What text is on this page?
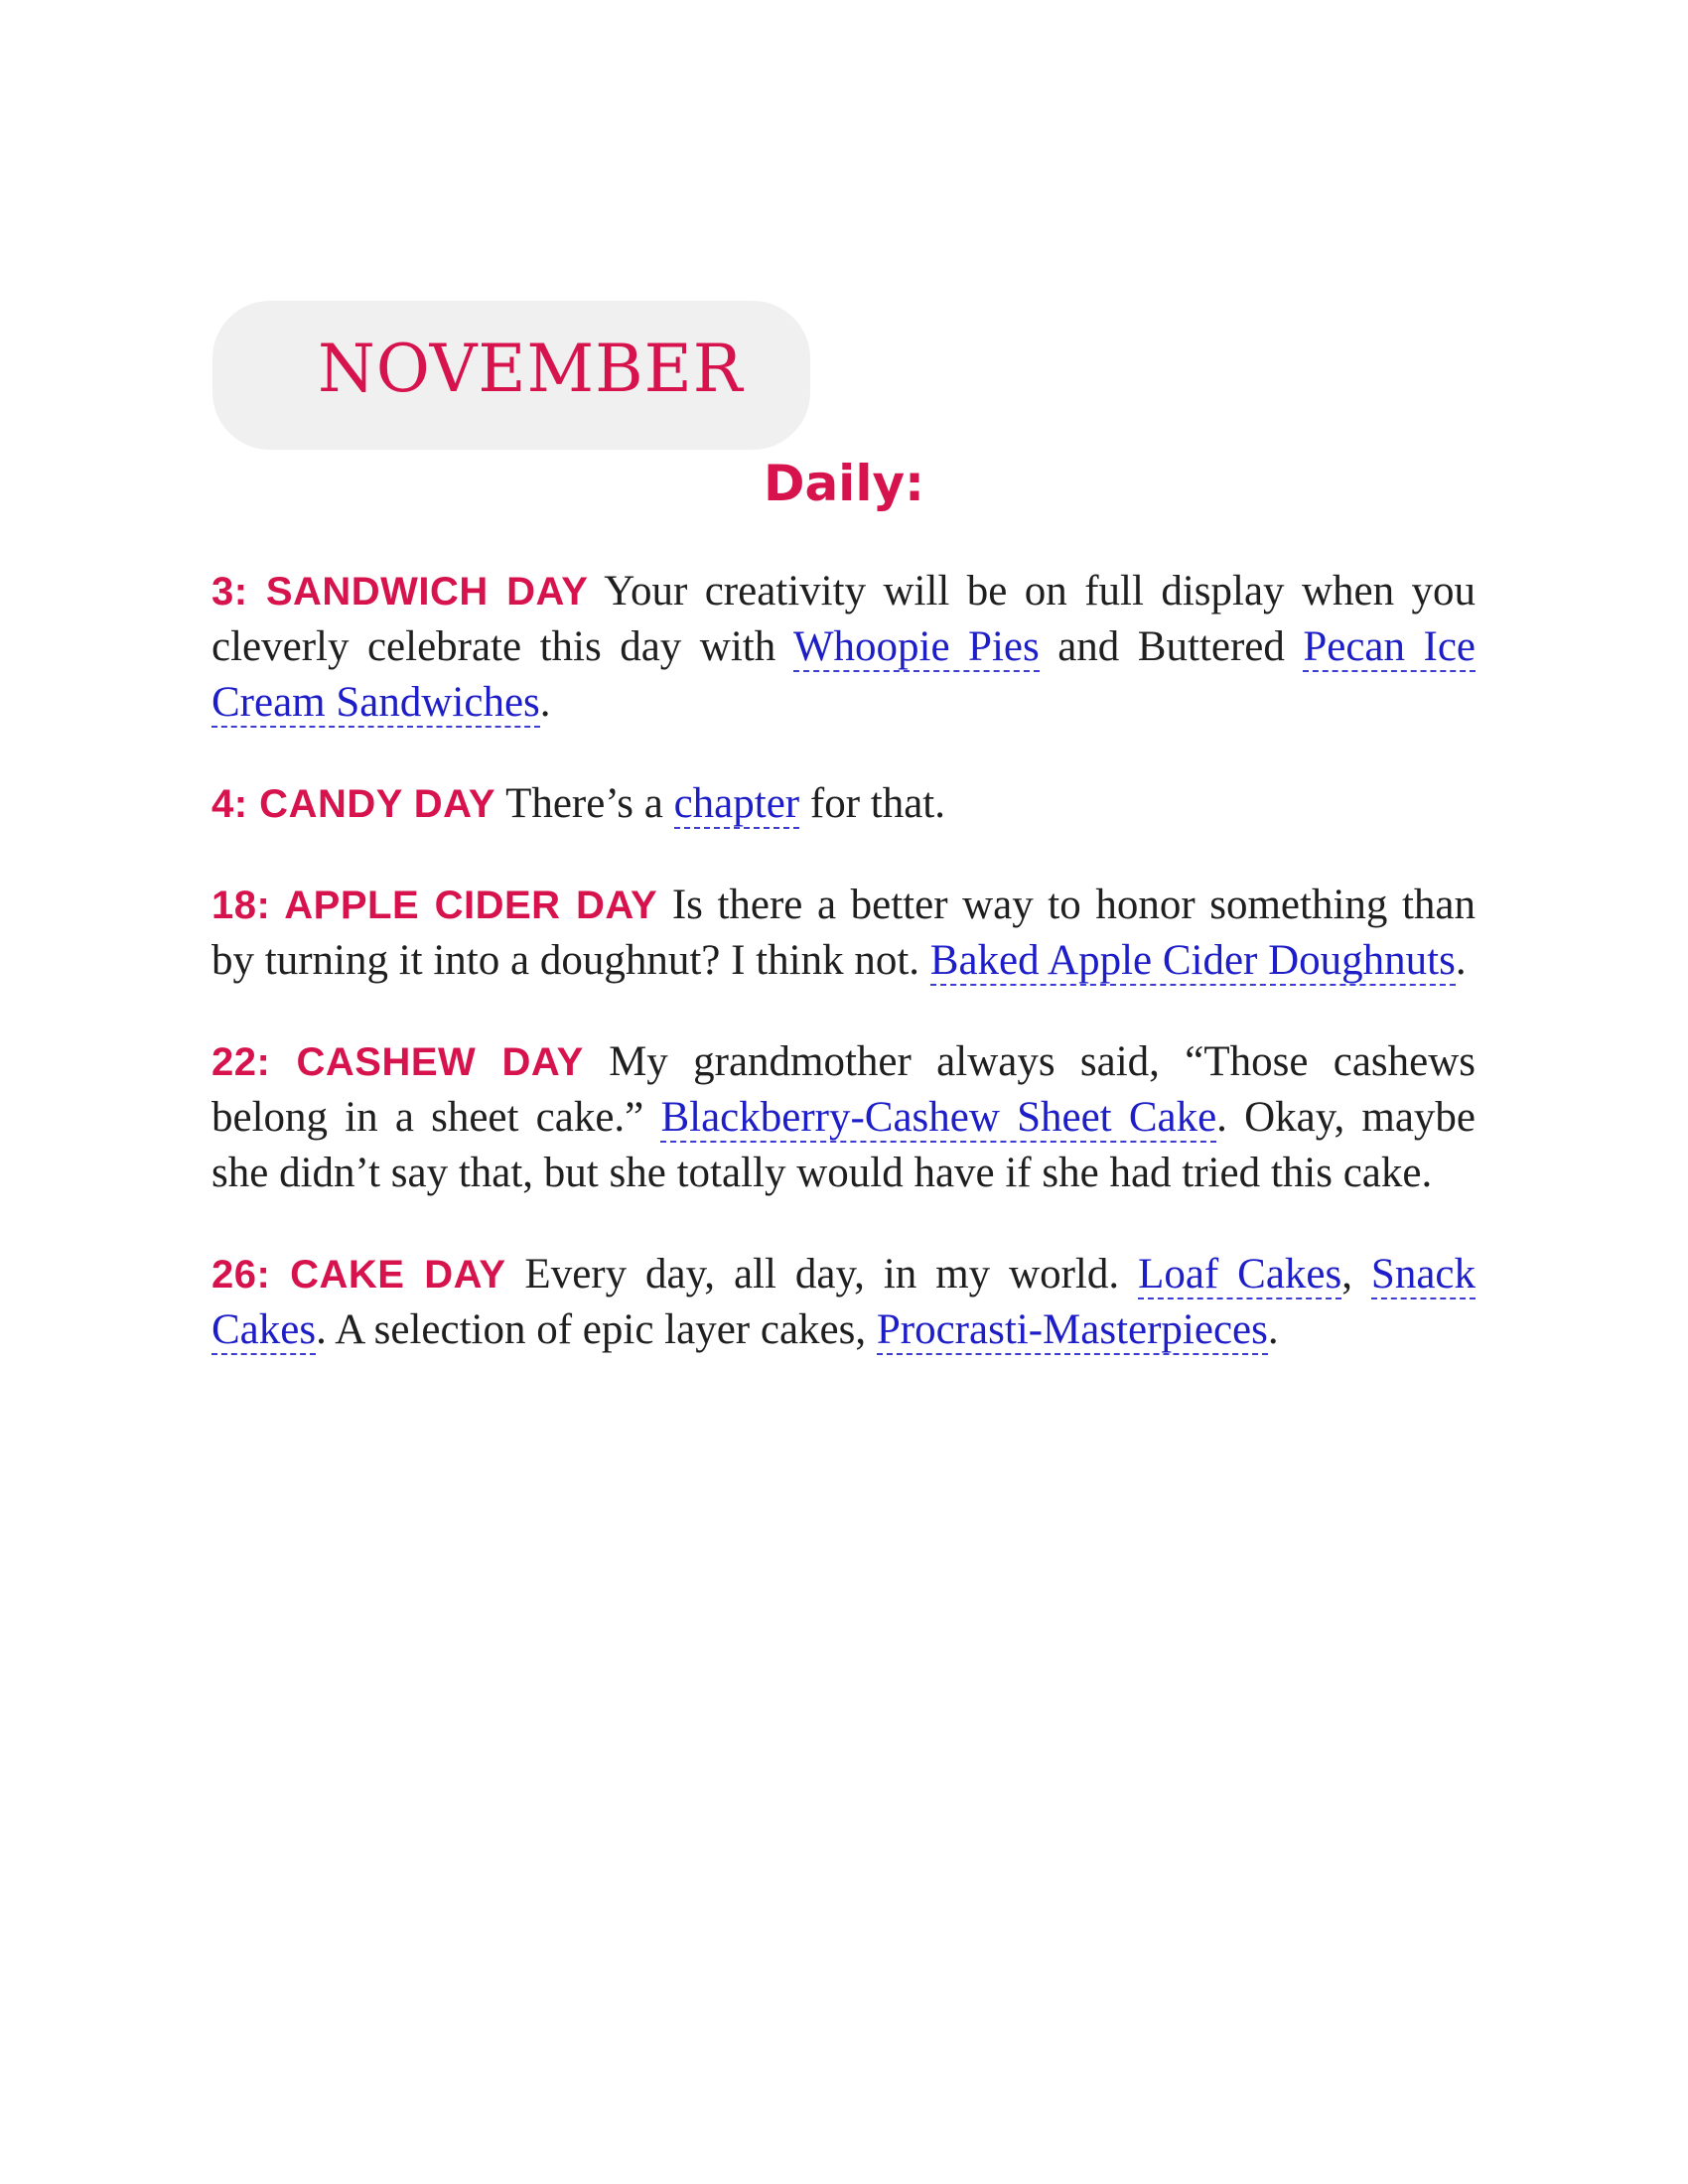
NOVEMBER
Daily:

3: SANDWICH DAY Your creativity will be on full display when you cleverly celebrate this day with Whoopie Pies and Buttered Pecan Ice Cream Sandwiches.

4: CANDY DAY There’s a chapter for that.

18: APPLE CIDER DAY Is there a better way to honor something than by turning it into a doughnut? I think not. Baked Apple Cider Doughnuts.

22: CASHEW DAY My grandmother always said, “Those cashews belong in a sheet cake.” Blackberry-Cashew Sheet Cake. Okay, maybe she didn’t say that, but she totally would have if she had tried this cake.

26: CAKE DAY Every day, all day, in my world. Loaf Cakes, Snack Cakes. A selection of epic layer cakes, Procrasti-Masterpieces.
